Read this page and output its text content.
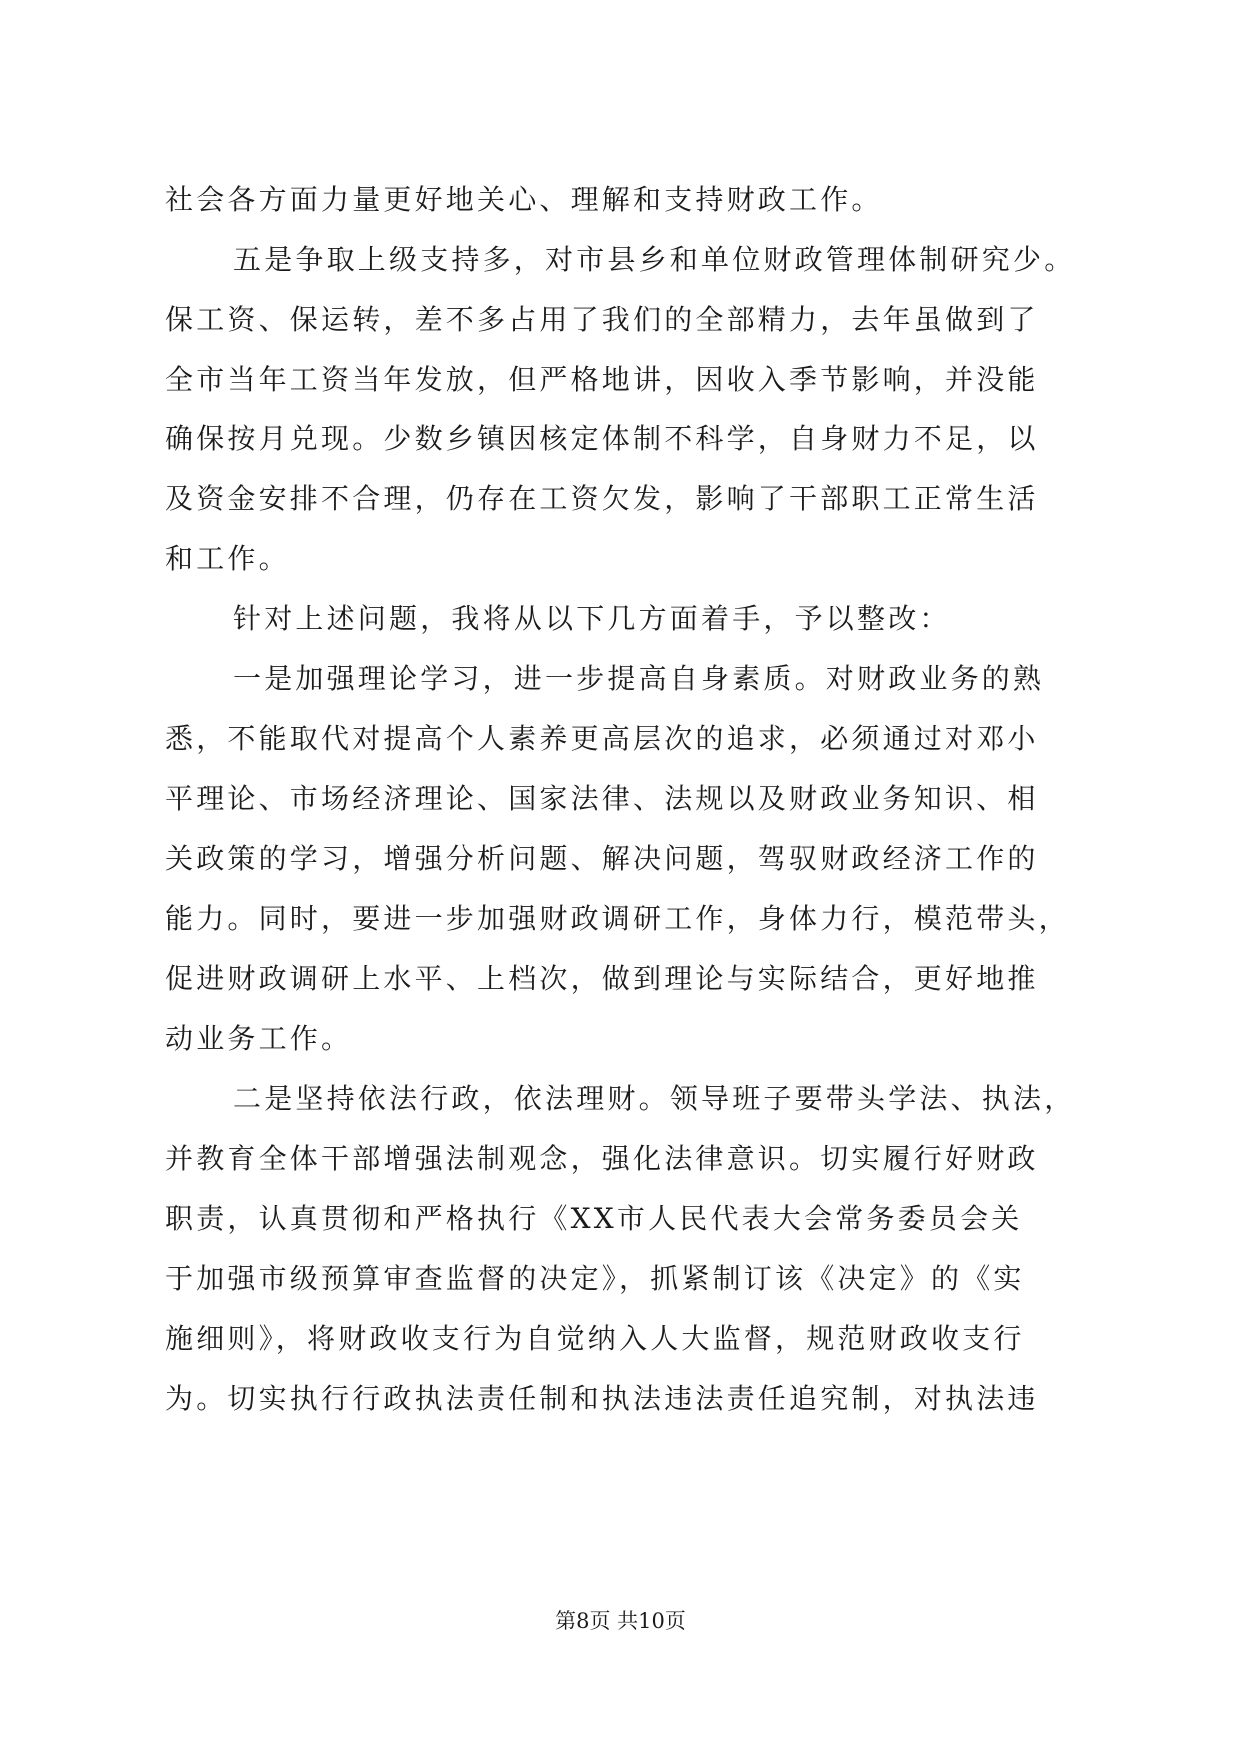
社会各方面力量更好地关心、理解和支持财政工作。
五是争取上级支持多，对市县乡和单位财政管理体制研究少。
保工资、保运转，差不多占用了我们的全部精力，去年虽做到了
全市当年工资当年发放，但严格地讲，因收入季节影响，并没能
确保按月兑现。少数乡镇因核定体制不科学，自身财力不足，以
及资金安排不合理，仍存在工资欠发，影响了干部职工正常生活
和工作。
针对上述问题，我将从以下几方面着手，予以整改：
一是加强理论学习，进一步提高自身素质。对财政业务的熟
悉，不能取代对提高个人素养更高层次的追求，必须通过对邓小
平理论、市场经济理论、国家法律、法规以及财政业务知识、相
关政策的学习，增强分析问题、解决问题，驾驭财政经济工作的
能力。同时，要进一步加强财政调研工作，身体力行，模范带头，
促进财政调研上水平、上档次，做到理论与实际结合，更好地推
动业务工作。
二是坚持依法行政，依法理财。领导班子要带头学法、执法，
并教育全体干部增强法制观念，强化法律意识。切实履行好财政
职责，认真贯彻和严格执行《XX市人民代表大会常务委员会关
于加强市级预算审查监督的决定》，抓紧制订该《决定》的《实
施细则》，将财政收支行为自觉纳入人大监督，规范财政收支行
为。切实执行行政执法责任制和执法违法责任追究制，对执法违
第8页 共10页
